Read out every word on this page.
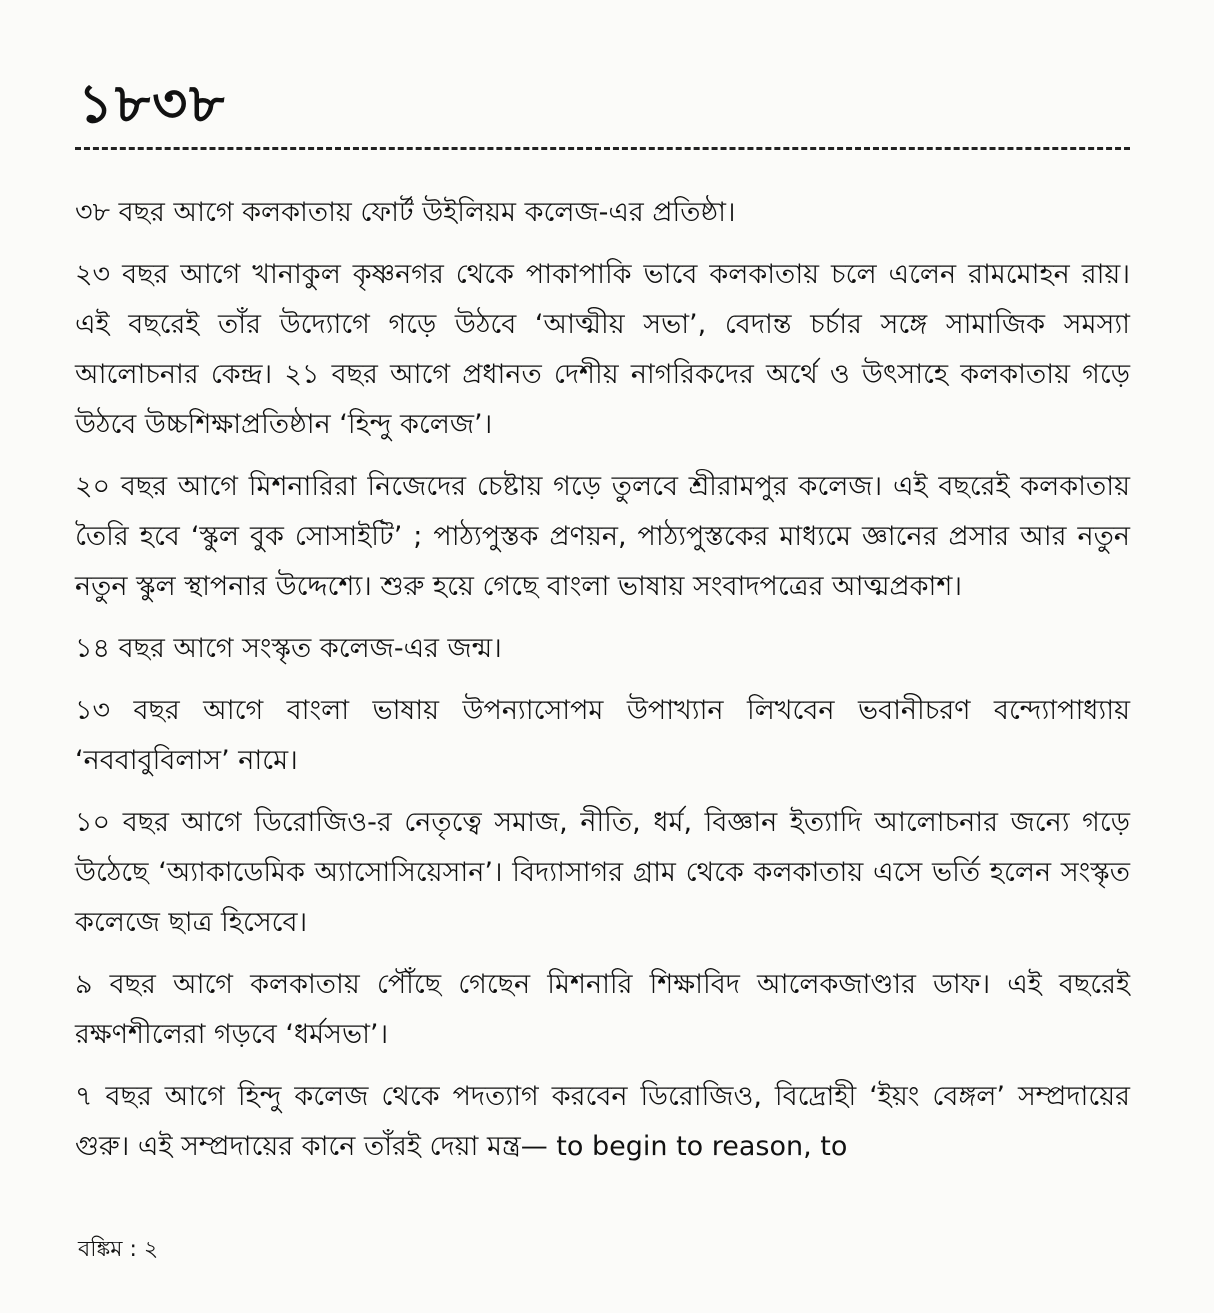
১৮৩৮

৩৮ বছর আগে কলকাতায় ফোর্ট উইলিয়ম কলেজ-এর প্রতিষ্ঠা।

২৩ বছর আগে খানাকুল কৃষ্ণনগর থেকে পাকাপাকি ভাবে কলকাতায় চলে এলেন রামমোহন রায়। এই বছরেই তাঁর উদ্যোগে গড়ে উঠবে ‘আত্মীয় সভা’, বেদান্ত চর্চার সঙ্গে সামাজিক সমস্যা আলোচনার কেন্দ্র। ২১ বছর আগে প্রধানত দেশীয় নাগরিকদের অর্থে ও উৎসাহে কলকাতায় গড়ে উঠবে উচ্চশিক্ষাপ্রতিষ্ঠান ‘হিন্দু কলেজ’।

২০ বছর আগে মিশনারিরা নিজেদের চেষ্টায় গড়ে তুলবে শ্রীরামপুর কলেজ। এই বছরেই কলকাতায় তৈরি হবে ‘স্কুল বুক সোসাইটি’ ; পাঠ্যপুস্তক প্রণয়ন, পাঠ্যপুস্তকের মাধ্যমে জ্ঞানের প্রসার আর নতুন নতুন স্কুল স্থাপনার উদ্দেশ্যে। শুরু হয়ে গেছে বাংলা ভাষায় সংবাদপত্রের আত্মপ্রকাশ।

১৪ বছর আগে সংস্কৃত কলেজ-এর জন্ম।

১৩ বছর আগে বাংলা ভাষায় উপন্যাসোপম উপাখ্যান লিখবেন ভবানীচরণ বন্দ্যোপাধ্যায় ‘নববাবুবিলাস’ নামে।

১০ বছর আগে ডিরোজিও-র নেতৃত্বে সমাজ, নীতি, ধর্ম, বিজ্ঞান ইত্যাদি আলোচনার জন্যে গড়ে উঠেছে ‘অ্যাকাডেমিক অ্যাসোসিয়েসান’। বিদ্যাসাগর গ্রাম থেকে কলকাতায় এসে ভর্তি হলেন সংস্কৃত কলেজে ছাত্র হিসেবে।

৯ বছর আগে কলকাতায় পৌঁছে গেছেন মিশনারি শিক্ষাবিদ আলেকজাণ্ডার ডাফ। এই বছরেই রক্ষণশীলেরা গড়বে ‘ধর্মসভা’।

৭ বছর আগে হিন্দু কলেজ থেকে পদত্যাগ করবেন ডিরোজিও, বিদ্রোহী ‘ইয়ং বেঙ্গল’ সম্প্রদায়ের গুরু। এই সম্প্রদায়ের কানে তাঁরই দেয়া মন্ত্র— to begin to reason, to

বঙ্কিম : ২
